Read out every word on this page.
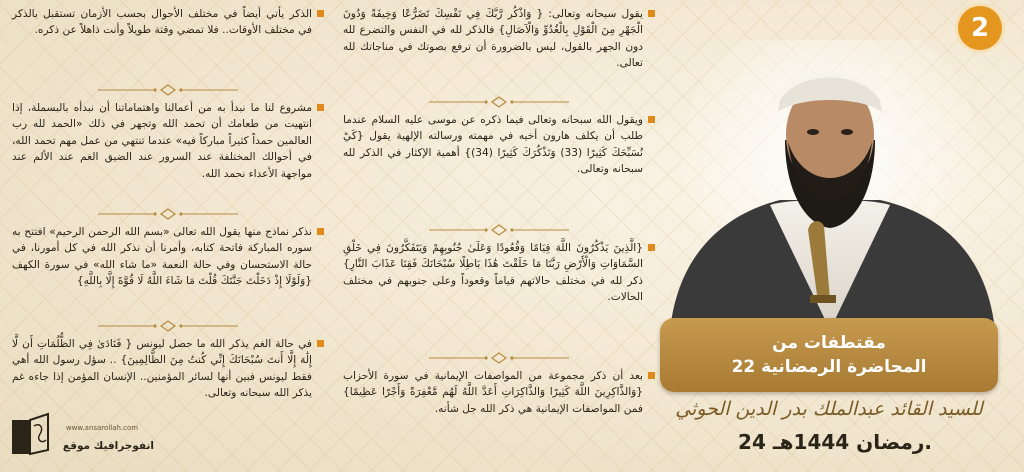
يقول سبحانه وتعالى: { وَاذْكُر رَّبَّكَ فِي نَفْسِكَ تَضَرُّعًا وَخِيفَةً وَدُونَ الْجَهْرِ مِنَ الْقَوْلِ بِالْغُدُوِّ وَالْآصَالِ} فالذكر لله في النفس والتضرع لله دون الجهر بالقول، ليس بالضرورة أن ترفع بصوتك في مناجاتك لله تعالى.
ويقول الله سبحانه وتعالى فيما ذكره عن موسى عليه السلام عندما طلب أن يكلف هارون أخيه في مهمته ورسالته الإلهية يقول {كَيْ نُسَبِّحَكَ كَثِيرًا (33) وَنَذْكُرَكَ كَثِيرًا (34)} أهمية الإكثار في الذكر لله سبحانه وتعالى.
{الَّذِينَ يَذْكُرُونَ اللَّهَ قِيَامًا وَقُعُودًا وَعَلَىٰ جُنُوبِهِمْ وَيَتَفَكَّرُونَ فِي خَلْقِ السَّمَاوَاتِ وَالْأَرْضِ رَبَّنَا مَا خَلَقْتَ هَٰذَا بَاطِلًا سُبْحَانَكَ فَقِنَا عَذَابَ النَّارِ} ذكر لله في مختلف حالاتهم قياماً وقعوداً وعلى جنوبهم في مختلف الحالات.
بعد أن ذكر مجموعة من المواصفات الإيمانية في سورة الأحزاب {وَالذَّاكِرِينَ اللَّهَ كَثِيرًا وَالذَّاكِرَاتِ أَعَدَّ اللَّهُ لَهُم مَّغْفِرَةً وَأَجْرًا عَظِيمًا} فمن المواصفات الإيمانية هي ذكر الله جل شأنه.
الذكر يأتي أيضاً في مختلف الأحوال بحسب الأزمان تستقبل بالذكر في مختلف الأوقات.. فلا تمضي وقتة طويلاً وأنت ذاهلاً عن ذكره.
مشروع لنا ما نبدأ به من أعمالنا واهتماماتنا أن نبدأه بالبسملة، إذا انتهيت من طعامك أن تحمد الله وتجهر في ذلك «الحمد لله رب العالمين حمداً كثيراً مباركاً فيه» عندما تنتهي من عمل مهم تحمد الله، في أحوالك المختلفة عند السرور عند الضيق الغم عند الألم عند مواجهة الأعداء نحمد الله.
نذكر نماذج منها يقول الله تعالى «بسم الله الرحمن الرحيم» افتتح به سوره المباركة فاتحة كتابه، وأمرنا أن نذكر الله في كل أمورنا، في حالة الاستحسان وفي حالة النعمة «ما شاء الله» في سورة الكهف {وَلَوْلَا إِذْ دَخَلْتَ جَنَّتَكَ قُلْتَ مَا شَاءَ اللَّهُ لَا قُوَّةَ إِلَّا بِاللَّهِ}
في حالة الغم يذكر الله ما حصل ليونس { فَنَادَىٰ فِي الظُّلُمَاتِ أَن لَّا إِلَٰهَ إِلَّا أَنتَ سُبْحَانَكَ إِنِّي كُنتُ مِنَ الظَّالِمِينَ} .. سؤل رسول الله أهي فقط ليونس فبين أنها لسائر المؤمنين.. الإنسان المؤمن إذا جاءه غم يذكر الله سبحانه وتعالى.
2
مقتطفات من
المحاضرة الرمضانية 22
للسيد القائد عبدالملك بدر الدين الحوثي
24 رمضان 1444هـ.
www.ansarollah.com
انفوجرافيك موقع
